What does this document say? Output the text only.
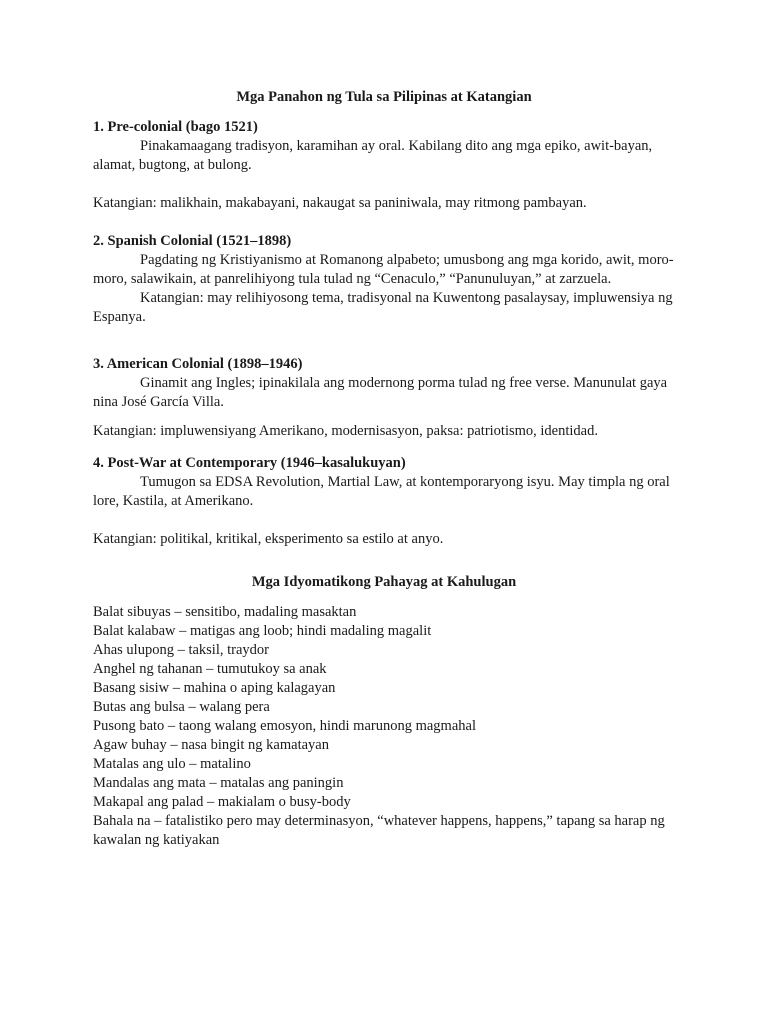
Mga Panahon ng Tula sa Pilipinas at Katangian

1. Pre-colonial (bago 1521)

Pinakamaagang tradisyon, karamihan ay oral. Kabilang dito ang mga epiko, awit-bayan, alamat, bugtong, at bulong.

Katangian: malikhain, makabayani, nakaugat sa paniniwala, may ritmong pambayan.

2. Spanish Colonial (1521–1898)

Pagdating ng Kristiyanismo at Romanong alpabeto; umusbong ang mga korido, awit, moro-moro, salawikain, at panrelihiyong tula tulad ng “Cenaculo,” “Panunuluyan,” at zarzuela.

Katangian: may relihiyosong tema, tradisyonal na Kuwentong pasalaysay, impluwensiya ng Espanya.

3. American Colonial (1898–1946)

Ginamit ang Ingles; ipinakilala ang modernong porma tulad ng free verse. Manunulat gaya nina José García Villa.

Katangian: impluwensiyang Amerikano, modernisasyon, paksa: patriotismo, identidad.

4. Post-War at Contemporary (1946–kasalukuyan)

Tumugon sa EDSA Revolution, Martial Law, at kontemporaryong isyu. May timpla ng oral lore, Kastila, at Amerikano.

Katangian: politikal, kritikal, eksperimento sa estilo at anyo.

Mga Idyomatikong Pahayag at Kahulugan

Balat sibuyas – sensitibo, madaling masaktan

Balat kalabaw – matigas ang loob; hindi madaling magalit

Ahas ulupong – taksil, traydor

Anghel ng tahanan – tumutukoy sa anak

Basang sisiw – mahina o aping kalagayan

Butas ang bulsa – walang pera

Pusong bato – taong walang emosyon, hindi marunong magmahal

Agaw buhay – nasa bingit ng kamatayan

Matalas ang ulo – matalino

Mandalas ang mata – matalas ang paningin

Makapal ang palad – makialam o busy-body

Bahala na – fatalistiko pero may determinasyon, “whatever happens, happens,” tapang sa harap ng kawalan ng katiyakan
